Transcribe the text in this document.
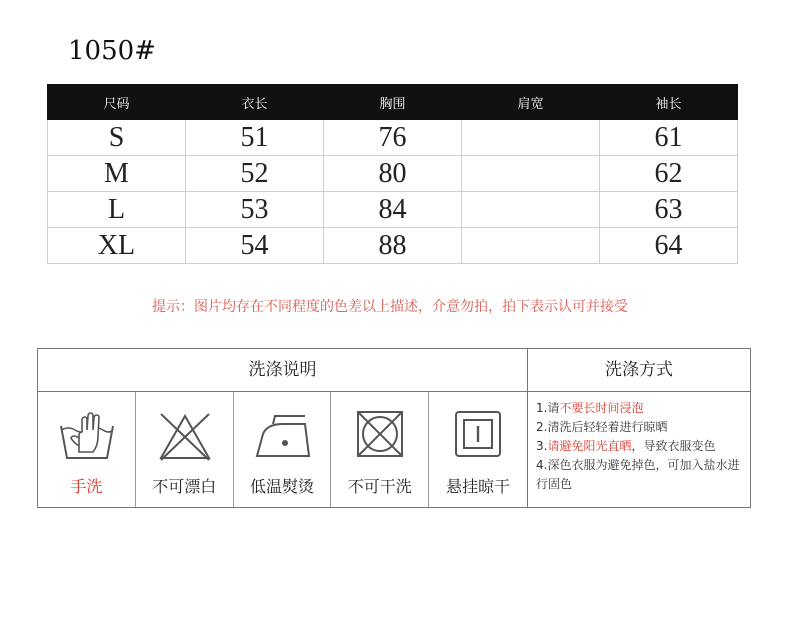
1050#
尺码	衣长	胸围	肩宽	袖长
S	51	76		61
M	52	80		62
L	53	84		63
XL	54	88		64
提示：图片均存在不同程度的色差以上描述，介意勿拍，拍下表示认可并接受
洗涤说明	洗涤方式
手洗	不可漂白	低温熨烫	不可干洗	悬挂晾干
1.请不要长时间浸泡
2.清洗后轻轻着进行晾晒
3.请避免阳光直晒，导致衣服变色
4.深色衣服为避免掉色，可加入盐水进行固色
